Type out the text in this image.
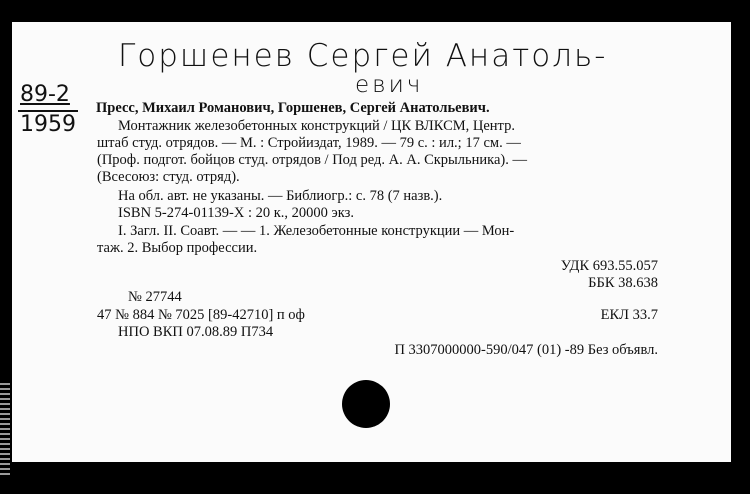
Горшенев Сергей Анатоль-
евич
89-2
1959
Пресс, Михаил Романович, Горшенев, Сергей Анатольевич.
Монтажник железобетонных конструкций / ЦК ВЛКСМ, Центр.
штаб студ. отрядов. — М. : Стройиздат, 1989. — 79 с. : ил.; 17 см. —
(Проф. подгот. бойцов студ. отрядов / Под ред. А. А. Скрыльника). —
(Всесоюз: студ. отряд).
На обл. авт. не указаны. — Библиогр.: с. 78 (7 назв.).
ISBN 5-274-01139-X : 20 к., 20000 экз.
I. Загл. II. Соавт. — — 1. Железобетонные конструкции — Мон-
таж. 2. Выбор профессии.
УДК 693.55.057
ББК 38.638
№ 27744
47 № 884 № 7025 [89-42710] п оф	ЕКЛ 33.7
НПО ВКП 07.08.89 П734
П 3307000000-590/047 (01) -89 Без объявл.
